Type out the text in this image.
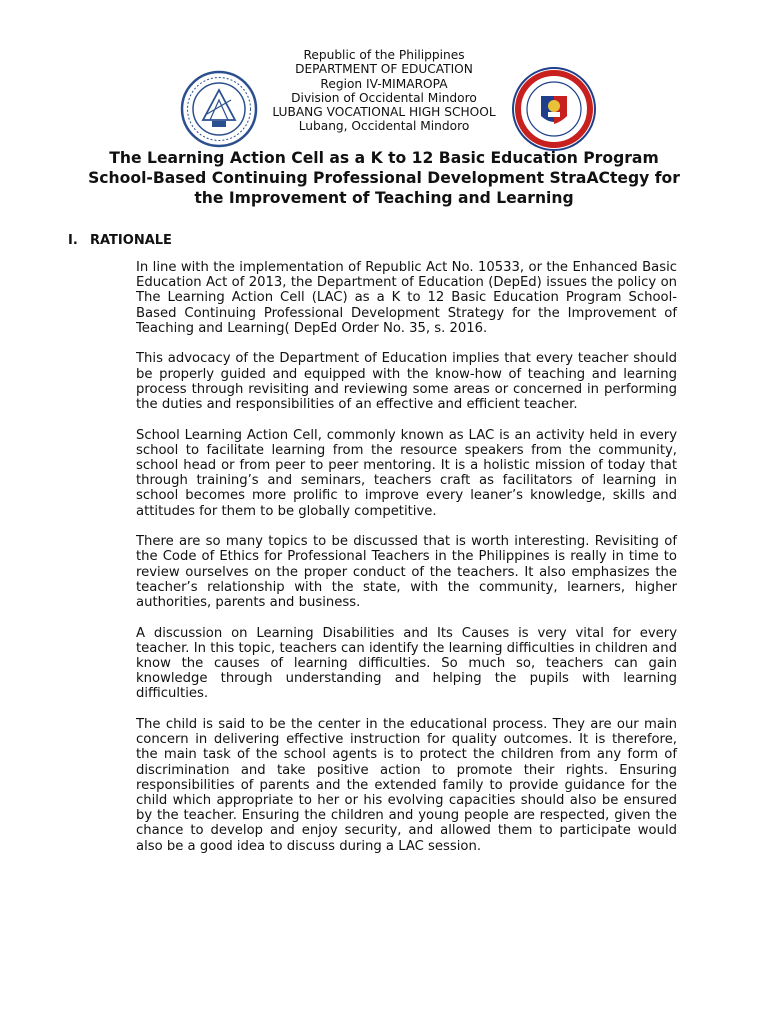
Republic of the Philippines
DEPARTMENT OF EDUCATION
Region IV-MIMAROPA
Division of Occidental Mindoro
LUBANG VOCATIONAL HIGH SCHOOL
Lubang, Occidental Mindoro
The Learning Action Cell as a K to 12 Basic Education Program School-Based Continuing Professional Development StraACtegy for the Improvement of Teaching and Learning
I. RATIONALE

In line with the implementation of Republic Act No. 10533, or the Enhanced Basic Education Act of 2013, the Department of Education (DepEd) issues the policy on The Learning Action Cell (LAC) as a K to 12 Basic Education Program School-Based Continuing Professional Development Strategy for the Improvement of Teaching and Learning( DepEd Order No. 35, s. 2016.

This advocacy of the Department of Education implies that every teacher should be properly guided and equipped with the know-how of teaching and learning process through revisiting and reviewing some areas or concerned in performing the duties and responsibilities of an effective and efficient teacher.

School Learning Action Cell, commonly known as LAC is an activity held in every school to facilitate learning from the resource speakers from the community, school head or from peer to peer mentoring. It is a holistic mission of today that through training’s and seminars, teachers craft as facilitators of learning in school becomes more prolific to improve every leaner’s knowledge, skills and attitudes for them to be globally competitive.

There are so many topics to be discussed that is worth interesting. Revisiting of the Code of Ethics for Professional Teachers in the Philippines is really in time to review ourselves on the proper conduct of the teachers. It also emphasizes the teacher’s relationship with the state, with the community, learners, higher authorities, parents and business.

A discussion on Learning Disabilities and Its Causes is very vital for every teacher. In this topic, teachers can identify the learning difficulties in children and know the causes of learning difficulties. So much so, teachers can gain knowledge through understanding and helping the pupils with learning difficulties.

The child is said to be the center in the educational process. They are our main concern in delivering effective instruction for quality outcomes. It is therefore, the main task of the school agents is to protect the children from any form of discrimination and take positive action to promote their rights. Ensuring responsibilities of parents and the extended family to provide guidance for the child which appropriate to her or his evolving capacities should also be ensured by the teacher. Ensuring the children and young people are respected, given the chance to develop and enjoy security, and allowed them to participate would also be a good idea to discuss during a LAC session.
